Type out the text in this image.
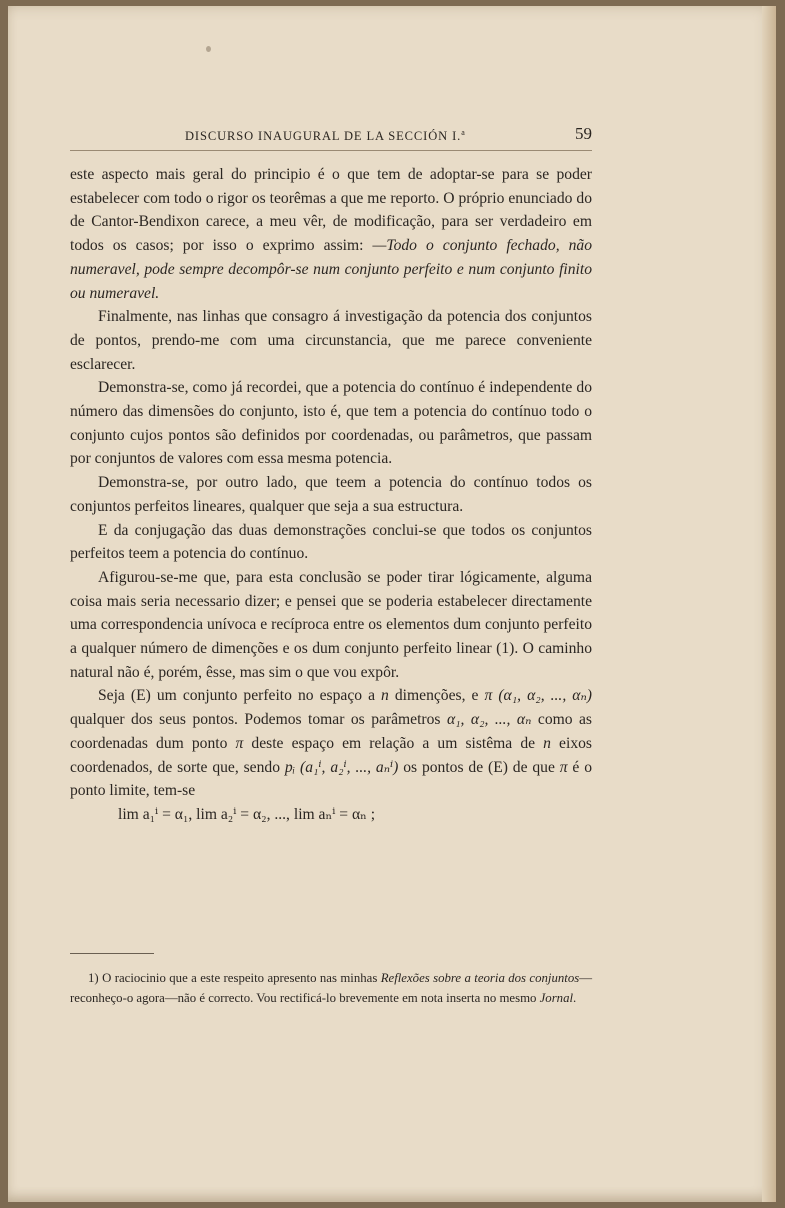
DISCURSO INAUGURAL DE LA SECCIÓN I.$^a$	59

este aspecto mais geral do principio é o que tem de adoptar-se para se poder estabelecer com todo o rigor os teorêmas a que me reporto. O próprio enunciado do de Cantor-Bendixon carece, a meu vêr, de modificação, para ser verdadeiro em todos os casos; por isso o exprimo assim: —Todo o conjunto fechado, não numeravel, pode sempre decompôr-se num conjunto perfeito e num conjunto finito ou numeravel.

Finalmente, nas linhas que consagro á investigação da potencia dos conjuntos de pontos, prendo-me com uma circunstancia, que me parece conveniente esclarecer.

Demonstra-se, como já recordei, que a potencia do contínuo é independente do número das dimensões do conjunto, isto é, que tem a potencia do contínuo todo o conjunto cujos pontos são definidos por coordenadas, ou parâmetros, que passam por conjuntos de valores com essa mesma potencia.

Demonstra-se, por outro lado, que teem a potencia do contínuo todos os conjuntos perfeitos lineares, qualquer que seja a sua estructura.

E da conjugação das duas demonstrações conclui-se que todos os conjuntos perfeitos teem a potencia do contínuo.

Afigurou-se-me que, para esta conclusão se poder tirar lógicamente, alguma coisa mais seria necessario dizer; e pensei que se poderia estabelecer directamente uma correspondencia unívoca e recíproca entre os elementos dum conjunto perfeito a qualquer número de dimenções e os dum conjunto perfeito linear (1). O caminho natural não é, porém, êsse, mas sim o que vou expôr.

Seja (E) um conjunto perfeito no espaço a n dimenções, e π (α₁, α₂, ..., αₙ) qualquer dos seus pontos. Podemos tomar os parâmetros α₁, α₂, ..., αₙ como as coordenadas dum ponto π deste espaço em relação a um sistêma de n eixos coordenados, de sorte que, sendo pᵢ (a₁ⁱ, a₂ⁱ, ..., aₙⁱ) os pontos de (E) de que π é o ponto limite, tem-se

lim a₁ⁱ = α₁, lim a₂ⁱ = α₂, ..., lim aₙⁱ = αₙ ;

1) O raciocinio que a este respeito apresento nas minhas Reflexões sobre a teoria dos conjuntos—reconheço-o agora—não é correcto. Vou rectificá-lo brevemente em nota inserta no mesmo Jornal.
